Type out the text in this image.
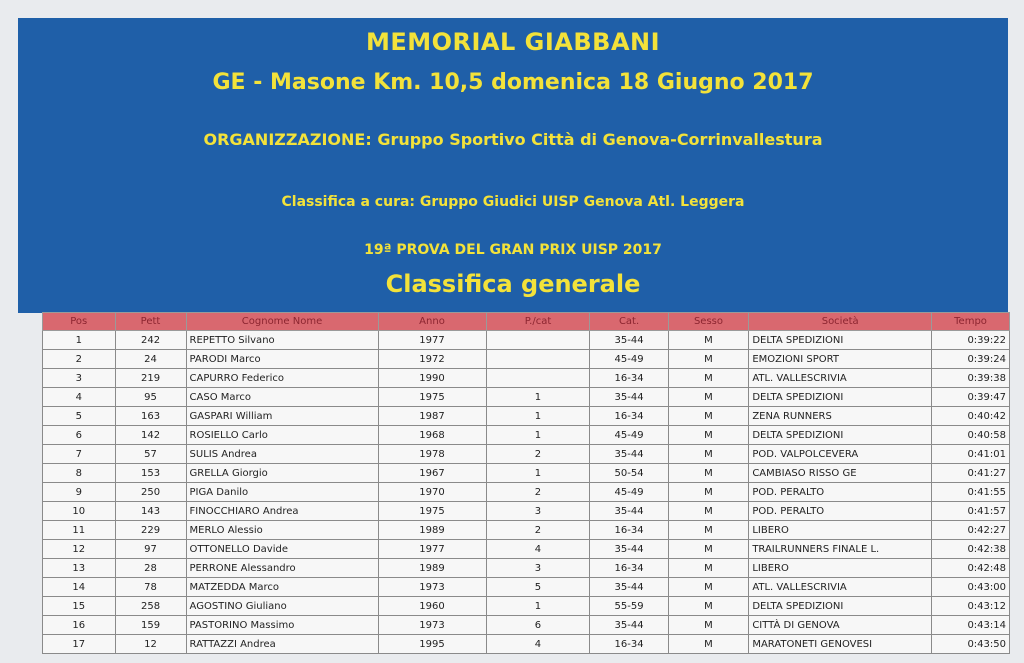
MEMORIAL GIABBANI
GE - Masone Km. 10,5 domenica 18 Giugno 2017
ORGANIZZAZIONE: Gruppo Sportivo Città di Genova-Corrinvallestura
Classifica a cura: Gruppo Giudici UISP Genova Atl. Leggera
19ª PROVA DEL GRAN PRIX UISP 2017
Classifica generale
Pos	Pett	Cognome Nome	Anno	P./cat	Cat.	Sesso	Società	Tempo
1	242	REPETTO Silvano	1977		35-44	M	DELTA SPEDIZIONI	0:39:22
2	24	PARODI Marco	1972		45-49	M	EMOZIONI SPORT	0:39:24
3	219	CAPURRO Federico	1990		16-34	M	ATL. VALLESCRIVIA	0:39:38
4	95	CASO Marco	1975	1	35-44	M	DELTA SPEDIZIONI	0:39:47
5	163	GASPARI William	1987	1	16-34	M	ZENA RUNNERS	0:40:42
6	142	ROSIELLO Carlo	1968	1	45-49	M	DELTA SPEDIZIONI	0:40:58
7	57	SULIS Andrea	1978	2	35-44	M	POD. VALPOLCEVERA	0:41:01
8	153	GRELLA Giorgio	1967	1	50-54	M	CAMBIASO RISSO GE	0:41:27
9	250	PIGA Danilo	1970	2	45-49	M	POD. PERALTO	0:41:55
10	143	FINOCCHIARO Andrea	1975	3	35-44	M	POD. PERALTO	0:41:57
11	229	MERLO Alessio	1989	2	16-34	M	LIBERO	0:42:27
12	97	OTTONELLO Davide	1977	4	35-44	M	TRAILRUNNERS FINALE L.	0:42:38
13	28	PERRONE Alessandro	1989	3	16-34	M	LIBERO	0:42:48
14	78	MATZEDDA Marco	1973	5	35-44	M	ATL. VALLESCRIVIA	0:43:00
15	258	AGOSTINO Giuliano	1960	1	55-59	M	DELTA SPEDIZIONI	0:43:12
16	159	PASTORINO Massimo	1973	6	35-44	M	CITTÀ DI GENOVA	0:43:14
17	12	RATTAZZI Andrea	1995	4	16-34	M	MARATONETI GENOVESI	0:43:50
